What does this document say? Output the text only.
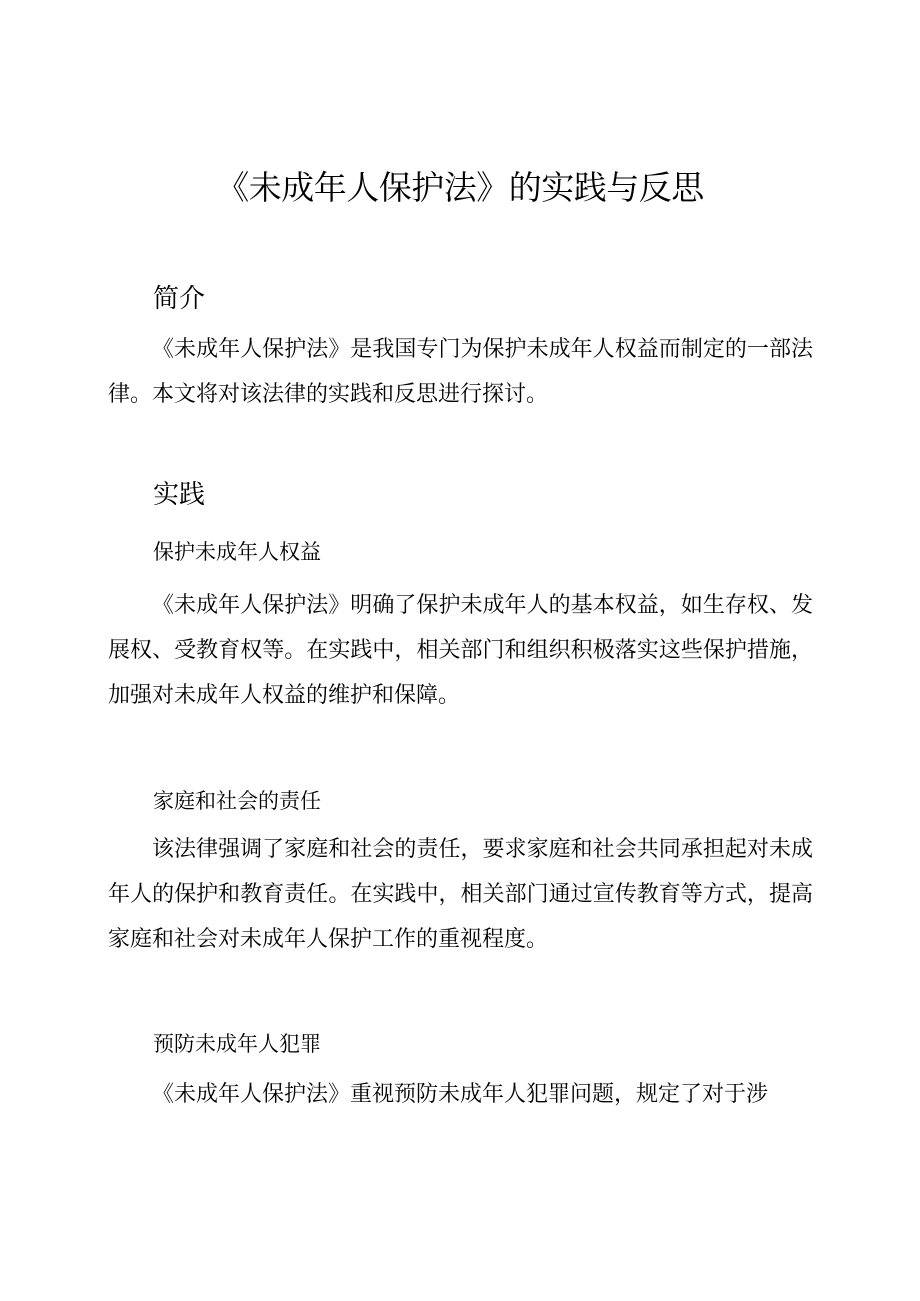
《未成年人保护法》的实践与反思
简介

《未成年人保护法》是我国专门为保护未成年人权益而制定的一部法律。本文将对该法律的实践和反思进行探讨。

实践
保护未成年人权益

《未成年人保护法》明确了保护未成年人的基本权益，如生存权、发展权、受教育权等。在实践中，相关部门和组织积极落实这些保护措施，加强对未成年人权益的维护和保障。

家庭和社会的责任

该法律强调了家庭和社会的责任，要求家庭和社会共同承担起对未成年人的保护和教育责任。在实践中，相关部门通过宣传教育等方式，提高家庭和社会对未成年人保护工作的重视程度。

预防未成年人犯罪

《未成年人保护法》重视预防未成年人犯罪问题，规定了对于涉
